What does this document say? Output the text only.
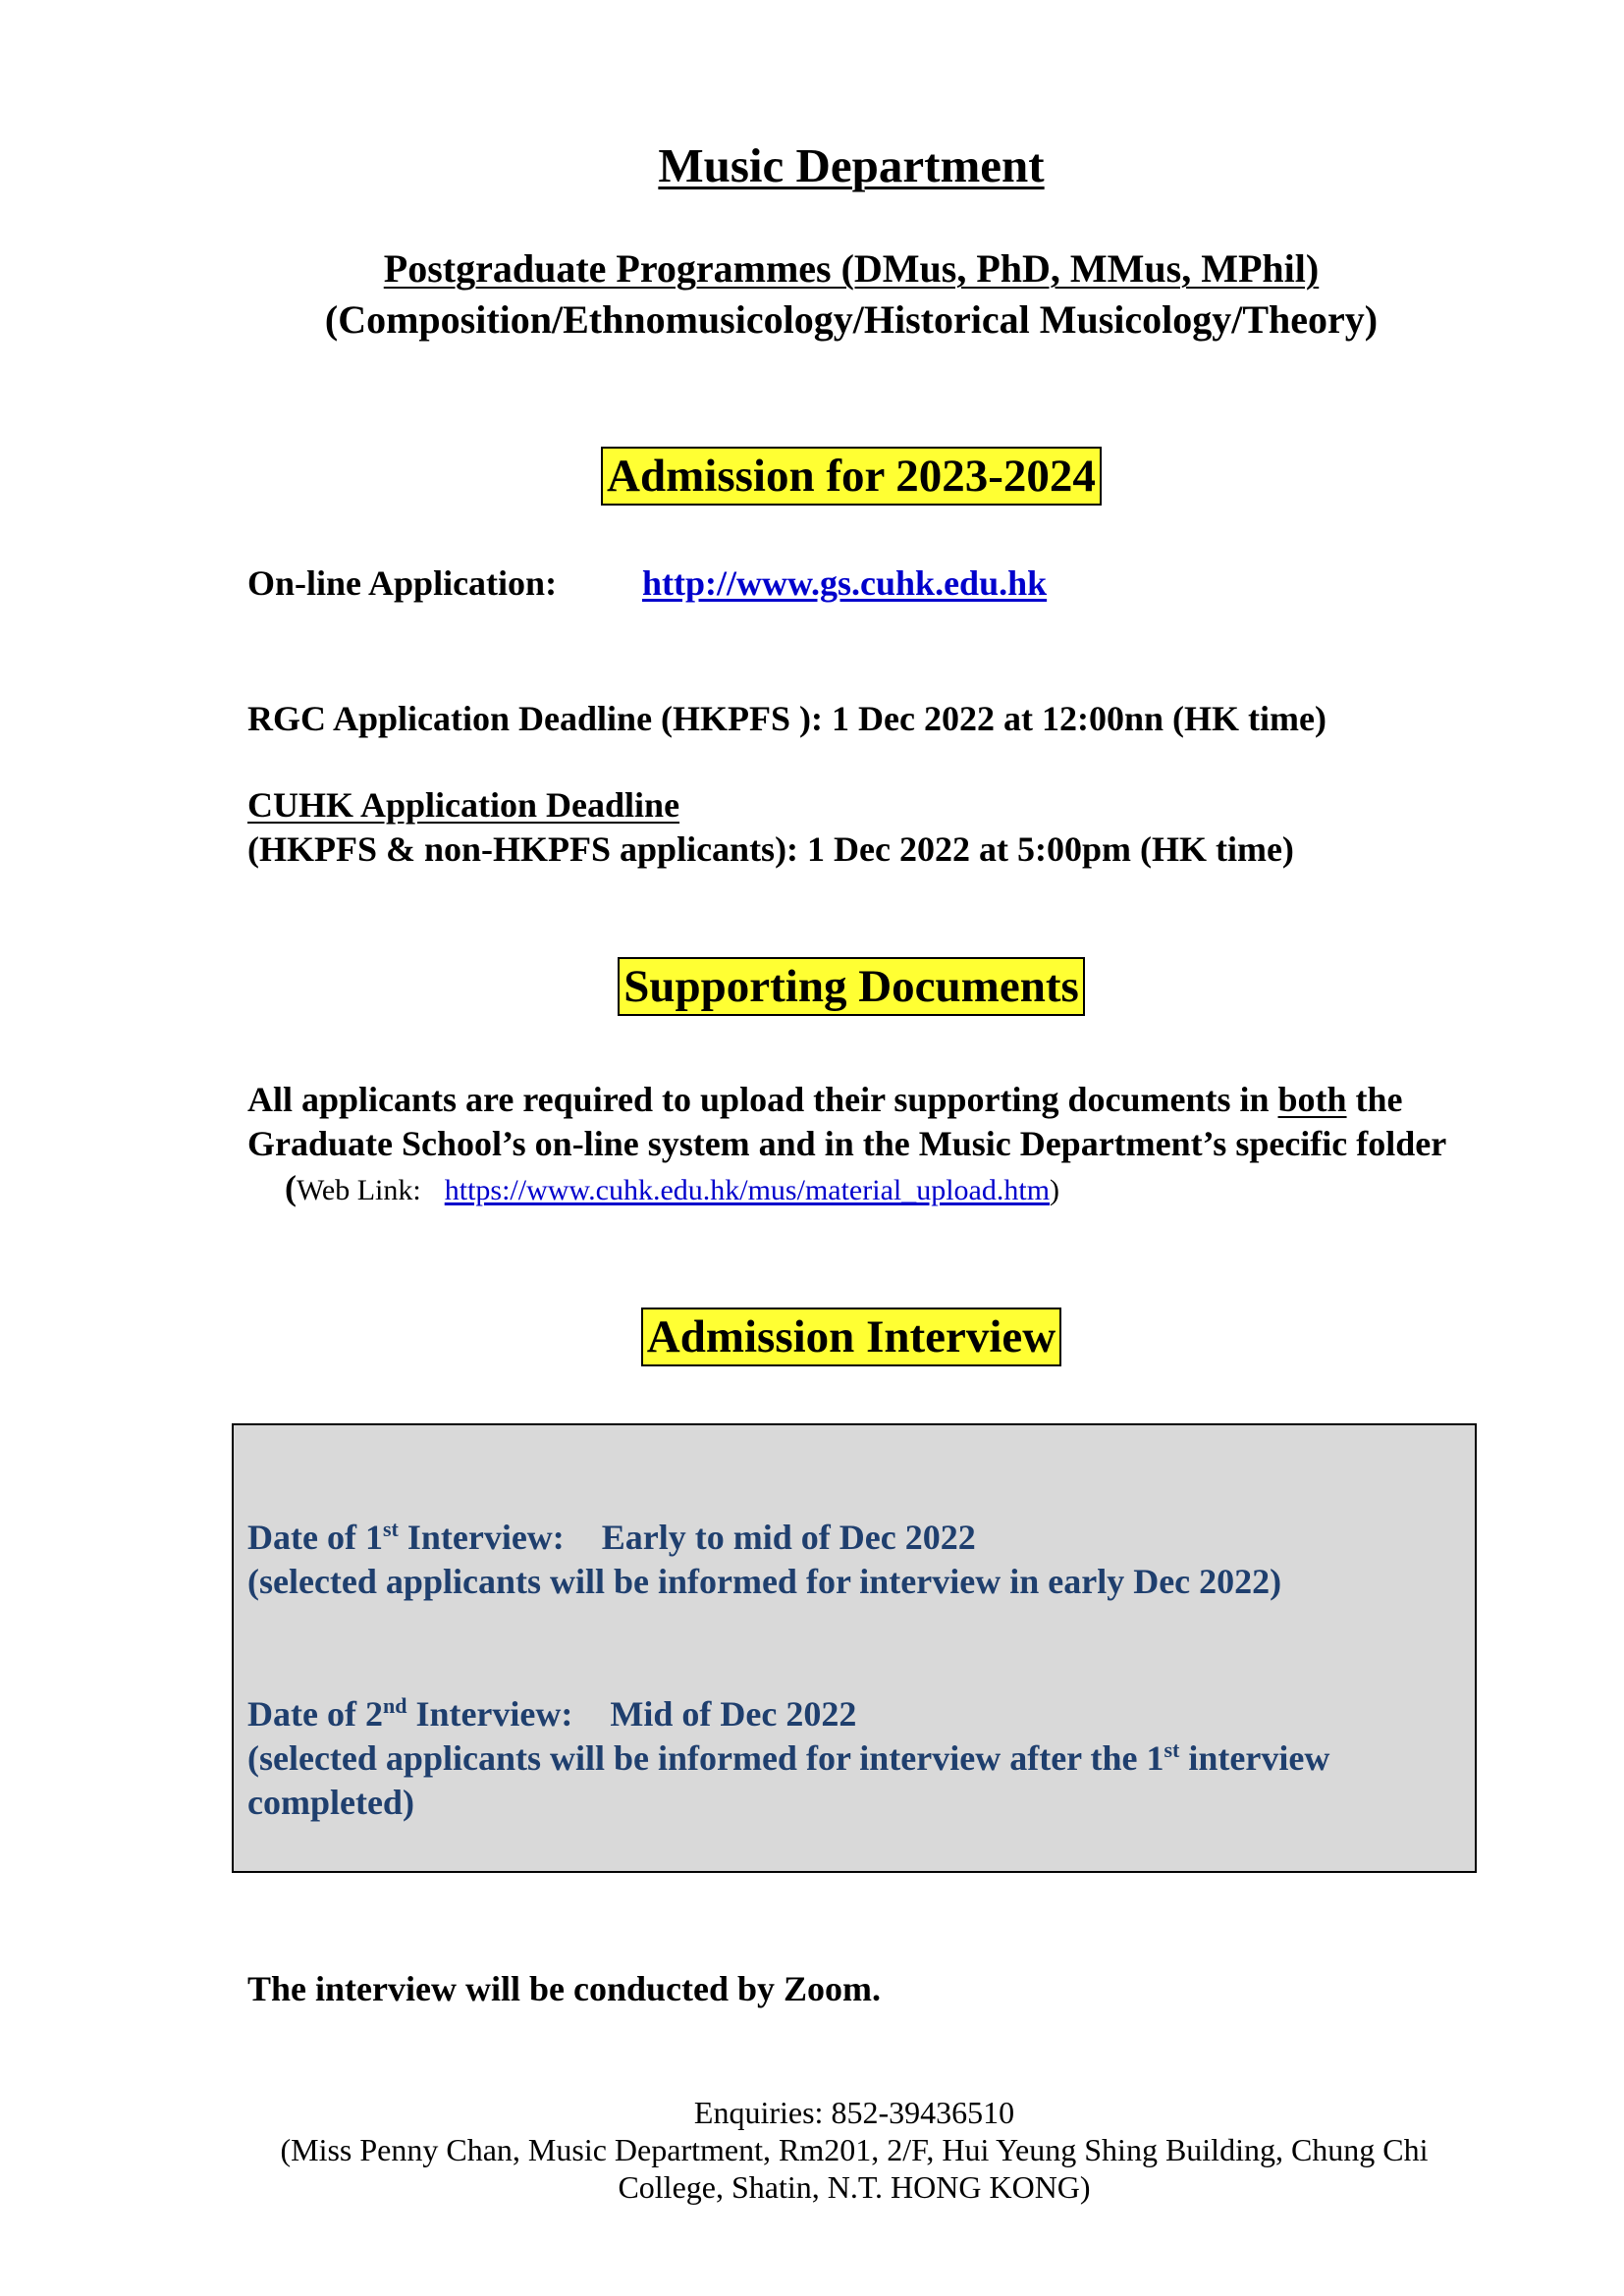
Music Department
Postgraduate Programmes (DMus, PhD, MMus, MPhil)
(Composition/Ethnomusicology/Historical Musicology/Theory)
Admission for 2023-2024
On-line Application: http://www.gs.cuhk.edu.hk
RGC Application Deadline (HKPFS ): 1 Dec 2022 at 12:00nn (HK time)
CUHK Application Deadline
(HKPFS & non-HKPFS applicants): 1 Dec 2022 at 5:00pm (HK time)
Supporting Documents
All applicants are required to upload their supporting documents in both the Graduate School’s on-line system and in the Music Department’s specific folder(Web Link: https://www.cuhk.edu.hk/mus/material_upload.htm)
Admission Interview
Date of 1st Interview: Early to mid of Dec 2022
(selected applicants will be informed for interview in early Dec 2022)
Date of 2nd Interview: Mid of Dec 2022
(selected applicants will be informed for interview after the 1st interview completed)
The interview will be conducted by Zoom.
Enquiries: 852-39436510
(Miss Penny Chan, Music Department, Rm201, 2/F, Hui Yeung Shing Building, Chung Chi College, Shatin, N.T. HONG KONG)
